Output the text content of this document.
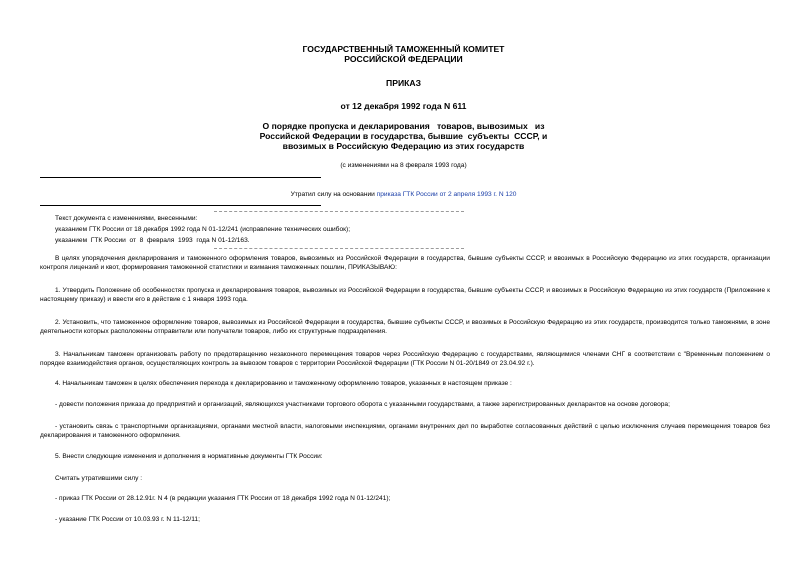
ГОСУДАРСТВЕННЫЙ ТАМОЖЕННЫЙ КОМИТЕТ
РОССИЙСКОЙ ФЕДЕРАЦИИ
ПРИКАЗ
от 12 декабря 1992 года N 611
О порядке пропуска и декларирования   товаров, вывозимых   из
Российской Федерации в государства, бывшие  субъекты  СССР, и
ввозимых в Российскую Федерацию из этих государств
(с изменениями на 8 февраля 1993 года)
Утратил силу на основании приказа ГТК России от 2 апреля 1993 г. N 120
Текст документа с изменениями, внесенными:
указанием ГТК России от 18 декабря 1992 года N 01-12/241 (исправление технических ошибок);
указанием  ГТК России  от  8  февраля  1993  года N 01-12/163.
В целях упорядочения декларирования и таможенного оформления товаров, вывозимых из Российской Федерации в государства, бывшие субъекты СССР, и ввозимых в Российскую Федерацию из этих государств, организации контроля лицензий и квот, формирования таможенной статистики и взимания таможенных пошлин, ПРИКАЗЫВАЮ:
1. Утвердить Положение об особенностях пропуска и декларирования товаров, вывозимых из Российской Федерации в государства, бывшие субъекты СССР, и ввозимых в Российскую Федерацию из этих государств (Приложение к настоящему приказу) и ввести его в действие с 1 января 1993 года.
2. Установить, что таможенное оформление товаров, вывозимых из Российской Федерации в государства, бывшие субъекты СССР, и ввозимых в Российскую Федерацию из этих государств, производится только таможнями, в зоне деятельности которых расположены отправители или получатели товаров, либо их структурные подразделения.
3. Начальникам таможен организовать работу по предотвращению незаконного перемещения товаров через Российскую Федерацию с государствами, являющимися членами СНГ в соответствии с "Временным положением о порядке взаимодействия органов, осуществляющих контроль за вывозом товаров с территории Российской Федерации (ГТК России N 01-20/1849 от 23.04.92 г.).
4. Начальникам таможен в целях обеспечения перехода к декларированию и таможенному оформлению товаров, указанных в настоящем приказе :
- довести положения приказа до предприятий и организаций, являющихся участниками торгового оборота с указанными государствами, а также зарегистрированных декларантов на основе договора;
- установить связь с транспортными организациями, органами местной власти, налоговыми инспекциями, органами внутренних дел по выработке согласованных действий с целью исключения случаев перемещения товаров без декларирования и таможенного оформления.
5. Внести следующие изменения и дополнения в нормативные документы ГТК России:
Считать утратившими силу :
- приказ ГТК России от 28.12.91г. N 4 (в редакции указания ГТК России от 18 декабря 1992 года N 01-12/241);
- указание ГТК России от 10.03.93 г. N 11-12/11;
